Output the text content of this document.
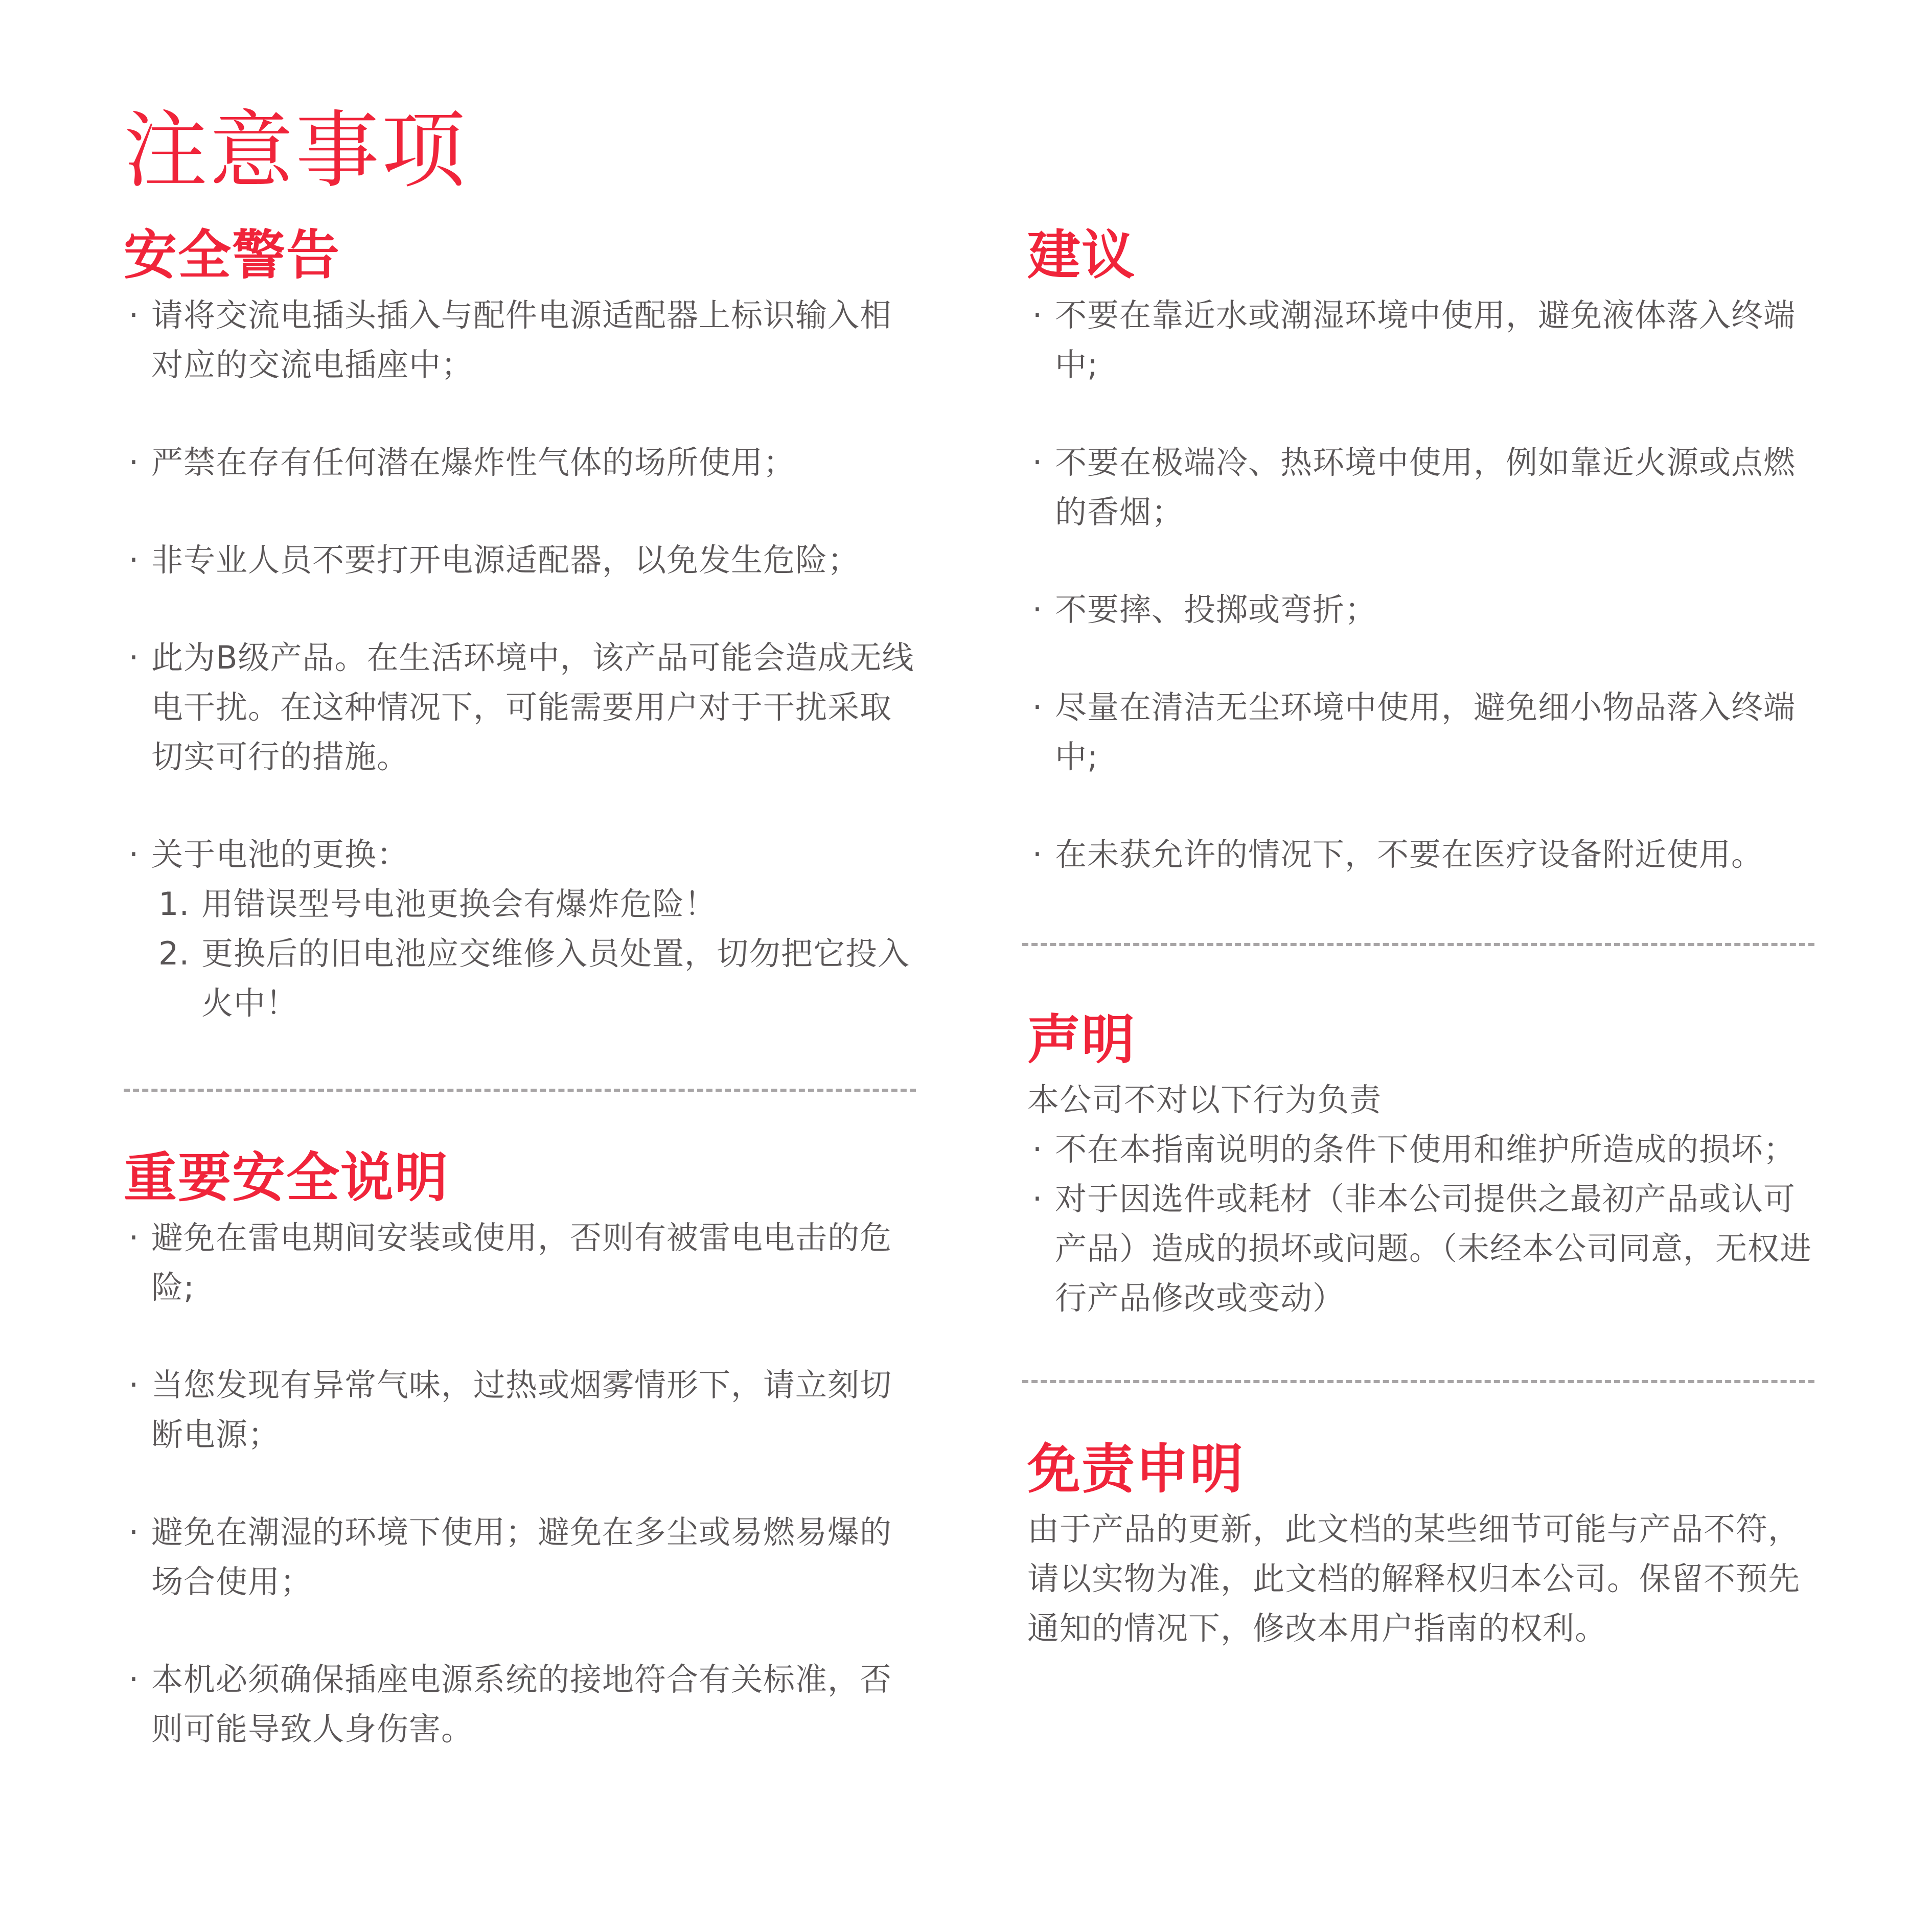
注意事项
安全警告
· 请将交流电插头插入与配件电源适配器上标识输入相对应的交流电插座中；
· 严禁在存有任何潜在爆炸性气体的场所使用；
· 非专业人员不要打开电源适配器，以免发生危险；
· 此为B级产品。在生活环境中，该产品可能会造成无线电干扰。在这种情况下，可能需要用户对于干扰采取切实可行的措施。
· 关于电池的更换：
1. 用错误型号电池更换会有爆炸危险！
2. 更换后的旧电池应交维修入员处置，切勿把它投入火中！
重要安全说明
· 避免在雷电期间安装或使用，否则有被雷电电击的危险;
· 当您发现有异常气味，过热或烟雾情形下，请立刻切断电源；
· 避免在潮湿的环境下使用；避免在多尘或易燃易爆的场合使用；
· 本机必须确保插座电源系统的接地符合有关标准，否则可能导致人身伤害。
建议
· 不要在靠近水或潮湿环境中使用，避免液体落入终端中;
· 不要在极端冷、热环境中使用，例如靠近火源或点燃的香烟；
· 不要摔、投掷或弯折；
· 尽量在清洁无尘环境中使用，避免细小物品落入终端中;
· 在未获允许的情况下，不要在医疗设备附近使用。
声明
本公司不对以下行为负责
· 不在本指南说明的条件下使用和维护所造成的损坏；
· 对于因选件或耗材（非本公司提供之最初产品或认可产品）造成的损坏或问题。（未经本公司同意，无权进行产品修改或变动）
免责申明

由于产品的更新，此文档的某些细节可能与产品不符，请以实物为准，此文档的解释权归本公司。保留不预先通知的情况下，修改本用户指南的权利。
